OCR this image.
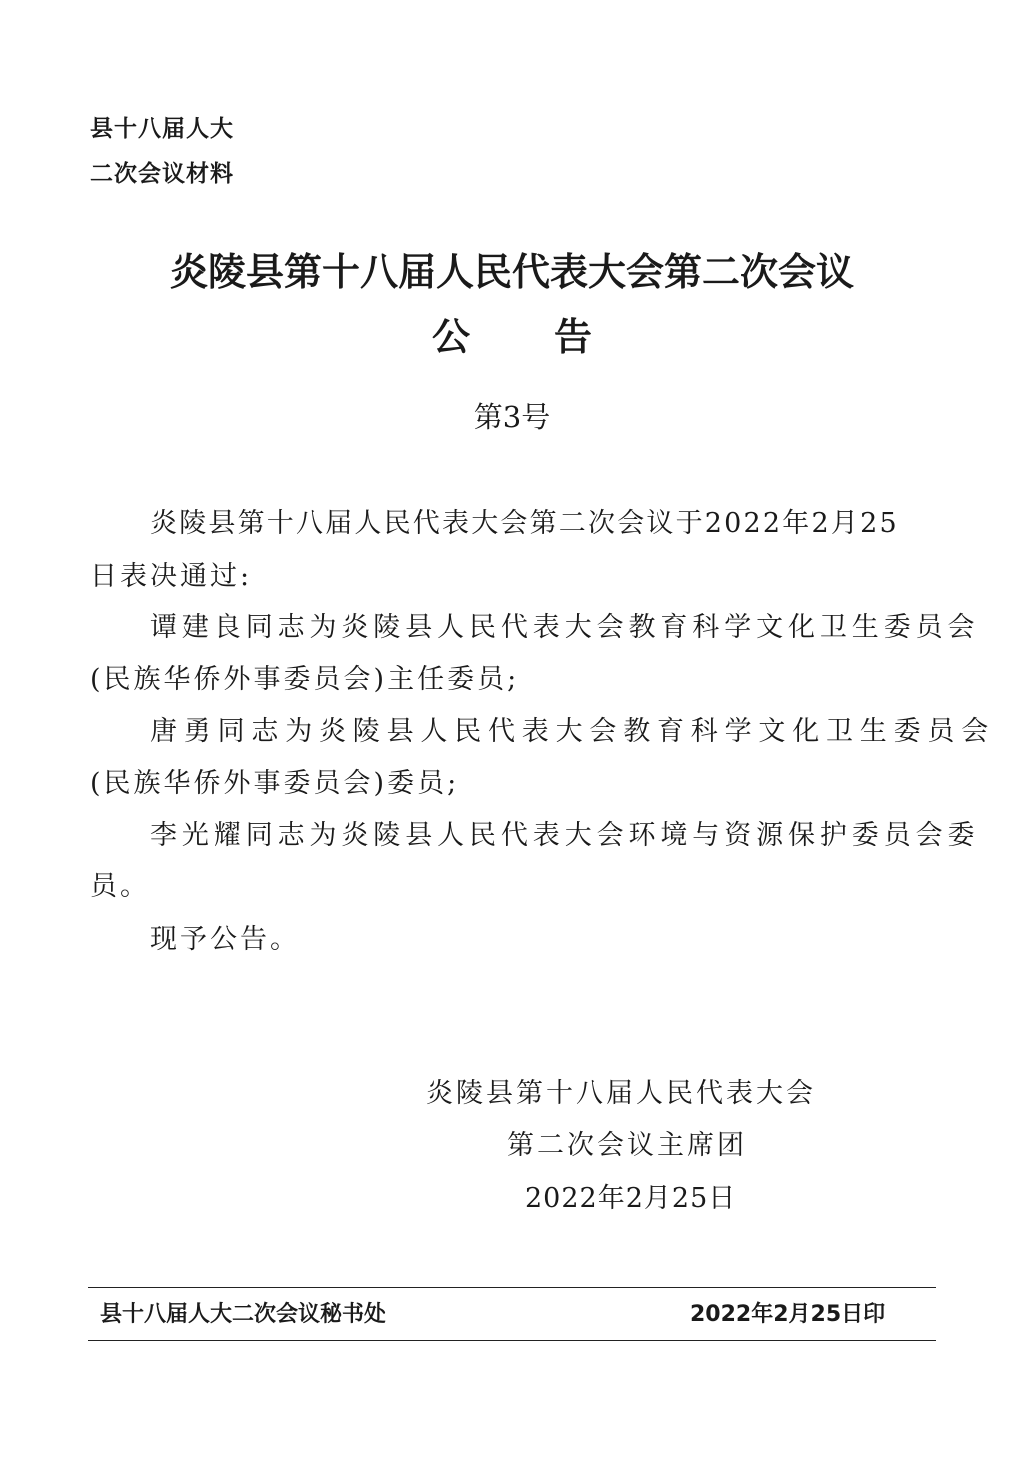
县十八届人大
二次会议材料
炎陵县第十八届人民代表大会第二次会议
公 告
第3号
炎陵县第十八届人民代表大会第二次会议于2022年2月25
日表决通过:
谭建良同志为炎陵县人民代表大会教育科学文化卫生委员会
(民族华侨外事委员会)主任委员;
唐勇同志为炎陵县人民代表大会教育科学文化卫生委员会
(民族华侨外事委员会)委员;
李光耀同志为炎陵县人民代表大会环境与资源保护委员会委
员。
现予公告。
炎陵县第十八届人民代表大会
第二次会议主席团
2022年2月25日
县十八届人大二次会议秘书处	2022年2月25日印
